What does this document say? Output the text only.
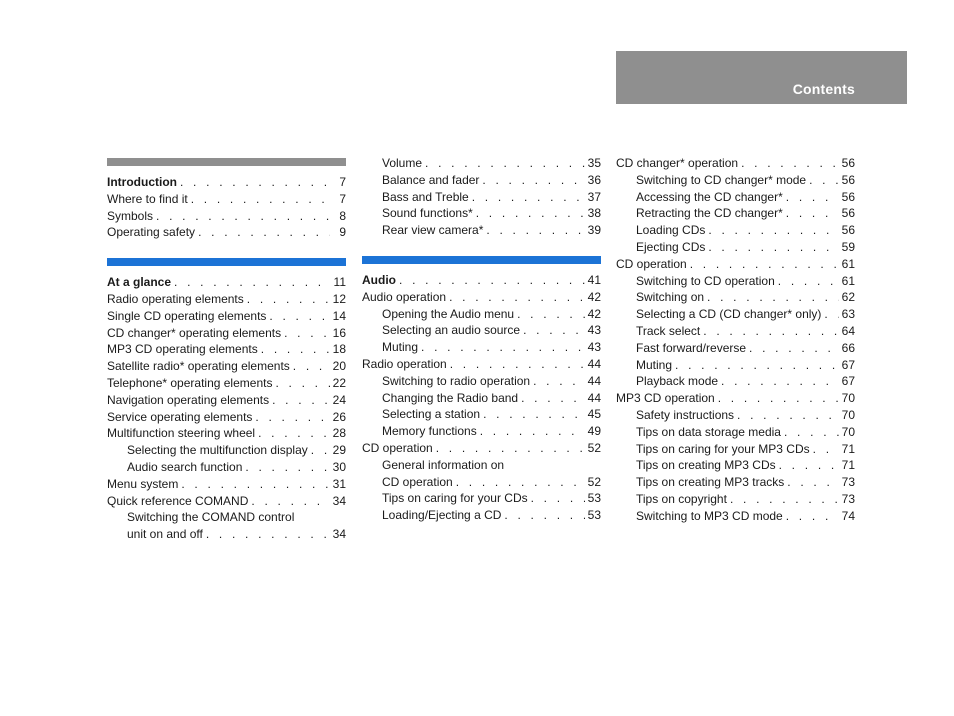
Contents
Introduction . . .	7
Where to find it . . .	7
Symbols . . .	8
Operating safety . . .	9
At a glance . . .	11
Radio operating elements . . .	12
Single CD operating elements . . .	14
CD changer* operating elements . . .	16
MP3 CD operating elements . . .	18
Satellite radio* operating elements . . .	20
Telephone* operating elements . . .	22
Navigation operating elements . . .	24
Service operating elements . . .	26
Multifunction steering wheel . . .	28
Selecting the multifunction display . . . 29
Audio search function . . .	30
Menu system . . .	31
Quick reference COMAND . . .	34
Switching the COMAND control
unit on and off . . .	34
Volume . . .	35
Balance and fader . . .	36
Bass and Treble . . .	37
Sound functions* . . .	38
Rear view camera* . . .	39
Audio . . .	41
Audio operation . . .	42
Opening the Audio menu . . .	42
Selecting an audio source . . .	43
Muting . . .	43
Radio operation . . .	44
Switching to radio operation . . .	44
Changing the Radio band . . .	44
Selecting a station . . .	45
Memory functions . . .	49
CD operation . . .	52
General information on
CD operation . . .	52
Tips on caring for your CDs . . .	53
Loading/Ejecting a CD . . .	53
CD changer* operation . . .	56
Switching to CD changer* mode . . .	56
Accessing the CD changer* . . .	56
Retracting the CD changer* . . .	56
Loading CDs . . .	56
Ejecting CDs . . .	59
CD operation . . .	61
Switching to CD operation . . .	61
Switching on . . .	62
Selecting a CD (CD changer* only) . . . 63
Track select . . .	64
Fast forward/reverse . . .	66
Muting . . .	67
Playback mode . . .	67
MP3 CD operation . . .	70
Safety instructions . . .	70
Tips on data storage media . . .	70
Tips on caring for your MP3 CDs . . .	71
Tips on creating MP3 CDs . . .	71
Tips on creating MP3 tracks . . .	73
Tips on copyright . . .	73
Switching to MP3 CD mode . . .	74
